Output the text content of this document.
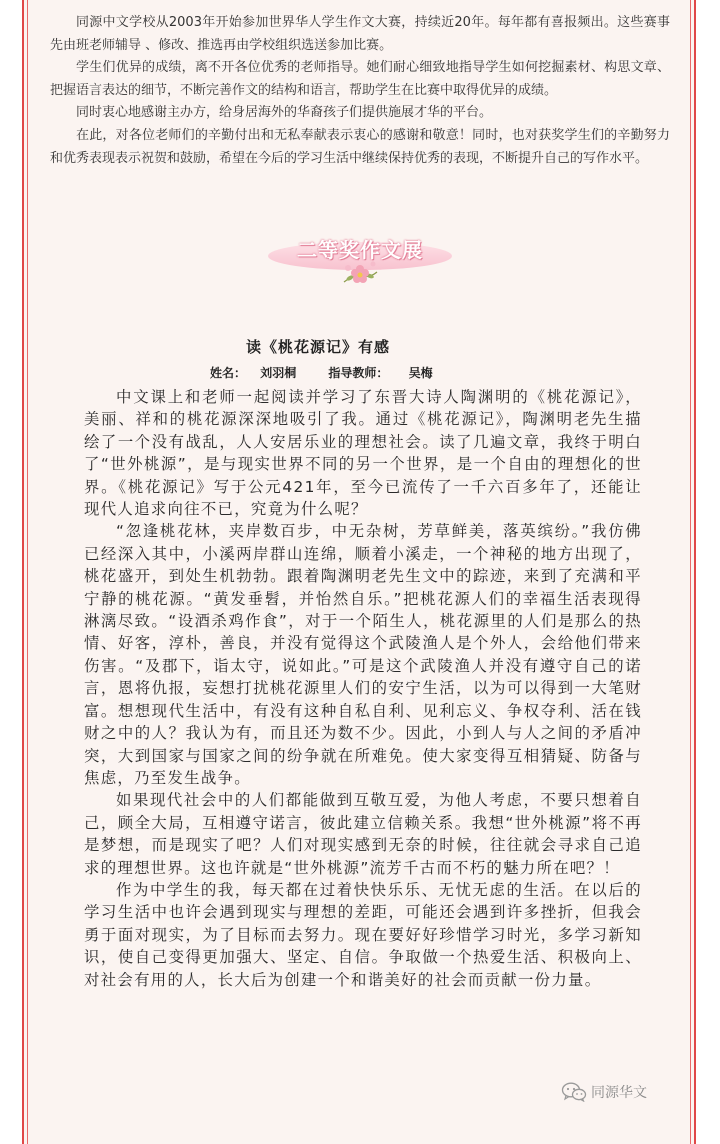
同源中文学校从2003年开始参加世界华人学生作文大赛，持续近20年。每年都有喜报频出。这些赛事先由班老师辅导 、修改、推选再由学校组织选送参加比赛。

学生们优异的成绩，离不开各位优秀的老师指导。她们耐心细致地指导学生如何挖掘素材、构思文章、把握语言表达的细节，不断完善作文的结构和语言，帮助学生在比赛中取得优异的成绩。

同时衷心地感谢主办方，给身居海外的华裔孩子们提供施展才华的平台。

在此，对各位老师们的辛勤付出和无私奉献表示衷心的感谢和敬意！同时，也对获奖学生们的辛勤努力和优秀表现表示祝贺和鼓励，希望在今后的学习生活中继续保持优秀的表现，不断提升自己的写作水平。

二等奖作文展
读《桃花源记》有感
姓名： 刘羽桐	指导教师： 吴梅

中文课上和老师一起阅读并学习了东晋大诗人陶渊明的《桃花源记》，美丽、祥和的桃花源深深地吸引了我。通过《桃花源记》，陶渊明老先生描绘了一个没有战乱，人人安居乐业的理想社会。读了几遍文章，我终于明白了“世外桃源”，是与现实世界不同的另一个世界，是一个自由的理想化的世界。《桃花源记》写于公元421年，至今已流传了一千六百多年了，还能让现代人追求向往不已，究竟为什么呢？

“忽逢桃花林，夹岸数百步，中无杂树，芳草鲜美，落英缤纷。”我仿佛已经深入其中，小溪两岸群山连绵，顺着小溪走，一个神秘的地方出现了，桃花盛开，到处生机勃勃。跟着陶渊明老先生文中的踪迹，来到了充满和平宁静的桃花源。“黄发垂髫，并怡然自乐。”把桃花源人们的幸福生活表现得淋漓尽致。“设酒杀鸡作食”，对于一个陌生人，桃花源里的人们是那么的热情、好客，淳朴，善良，并没有觉得这个武陵渔人是个外人，会给他们带来伤害。“及郡下，诣太守，说如此。”可是这个武陵渔人并没有遵守自己的诺言，恩将仇报，妄想打扰桃花源里人们的安宁生活，以为可以得到一大笔财富。想想现代生活中，有没有这种自私自利、见利忘义、争权夺利、活在钱财之中的人？我认为有，而且还为数不少。因此，小到人与人之间的矛盾冲突，大到国家与国家之间的纷争就在所难免。使大家变得互相猜疑、防备与焦虑，乃至发生战争。

如果现代社会中的人们都能做到互敬互爱，为他人考虑，不要只想着自己，顾全大局，互相遵守诺言，彼此建立信赖关系。我想“世外桃源”将不再是梦想，而是现实了吧？人们对现实感到无奈的时候，往往就会寻求自己追求的理想世界。这也许就是“世外桃源”流芳千古而不朽的魅力所在吧？！

作为中学生的我，每天都在过着快快乐乐、无忧无虑的生活。在以后的学习生活中也许会遇到现实与理想的差距，可能还会遇到许多挫折，但我会勇于面对现实，为了目标而去努力。现在要好好珍惜学习时光，多学习新知识，使自己变得更加强大、坚定、自信。争取做一个热爱生活、积极向上、对社会有用的人，长大后为创建一个和谐美好的社会而贡献一份力量。

同源华文
